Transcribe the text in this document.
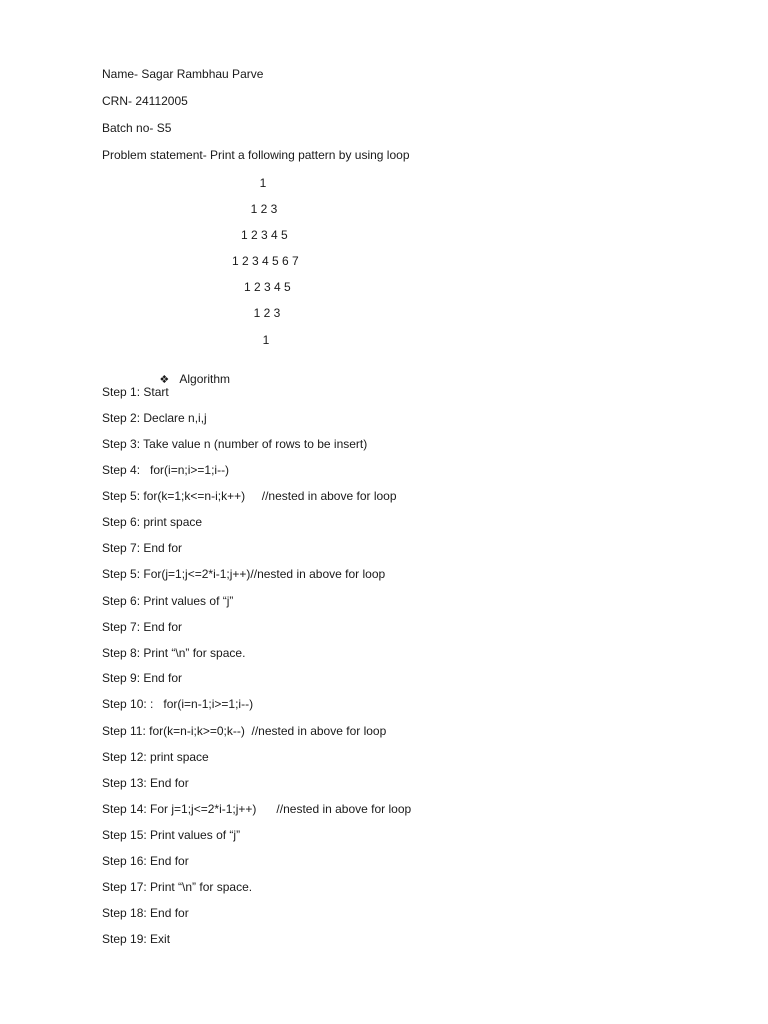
Name- Sagar Rambhau Parve
CRN- 24112005
Batch no- S5
Problem statement- Print a following pattern by using loop
1
1 2 3
1 2 3 4 5
1 2 3 4 5 6 7
1 2 3 4 5
1 2 3
1

❖ Algorithm

Step 1: Start
Step 2: Declare n,i,j
Step 3: Take value n (number of rows to be insert)
Step 4:   for(i=n;i>=1;i--)
Step 5: for(k=1;k<=n-i;k++)     //nested in above for loop
Step 6: print space
Step 7: End for
Step 5: For(j=1;j<=2*i-1;j++)//nested in above for loop
Step 6: Print values of “j”
Step 7: End for
Step 8: Print “\n” for space.
Step 9: End for
Step 10: :   for(i=n-1;i>=1;i--)
Step 11: for(k=n-i;k>=0;k--)  //nested in above for loop
Step 12: print space
Step 13: End for
Step 14: For j=1;j<=2*i-1;j++)      //nested in above for loop
Step 15: Print values of “j”
Step 16: End for
Step 17: Print “\n” for space.
Step 18: End for
Step 19: Exit
